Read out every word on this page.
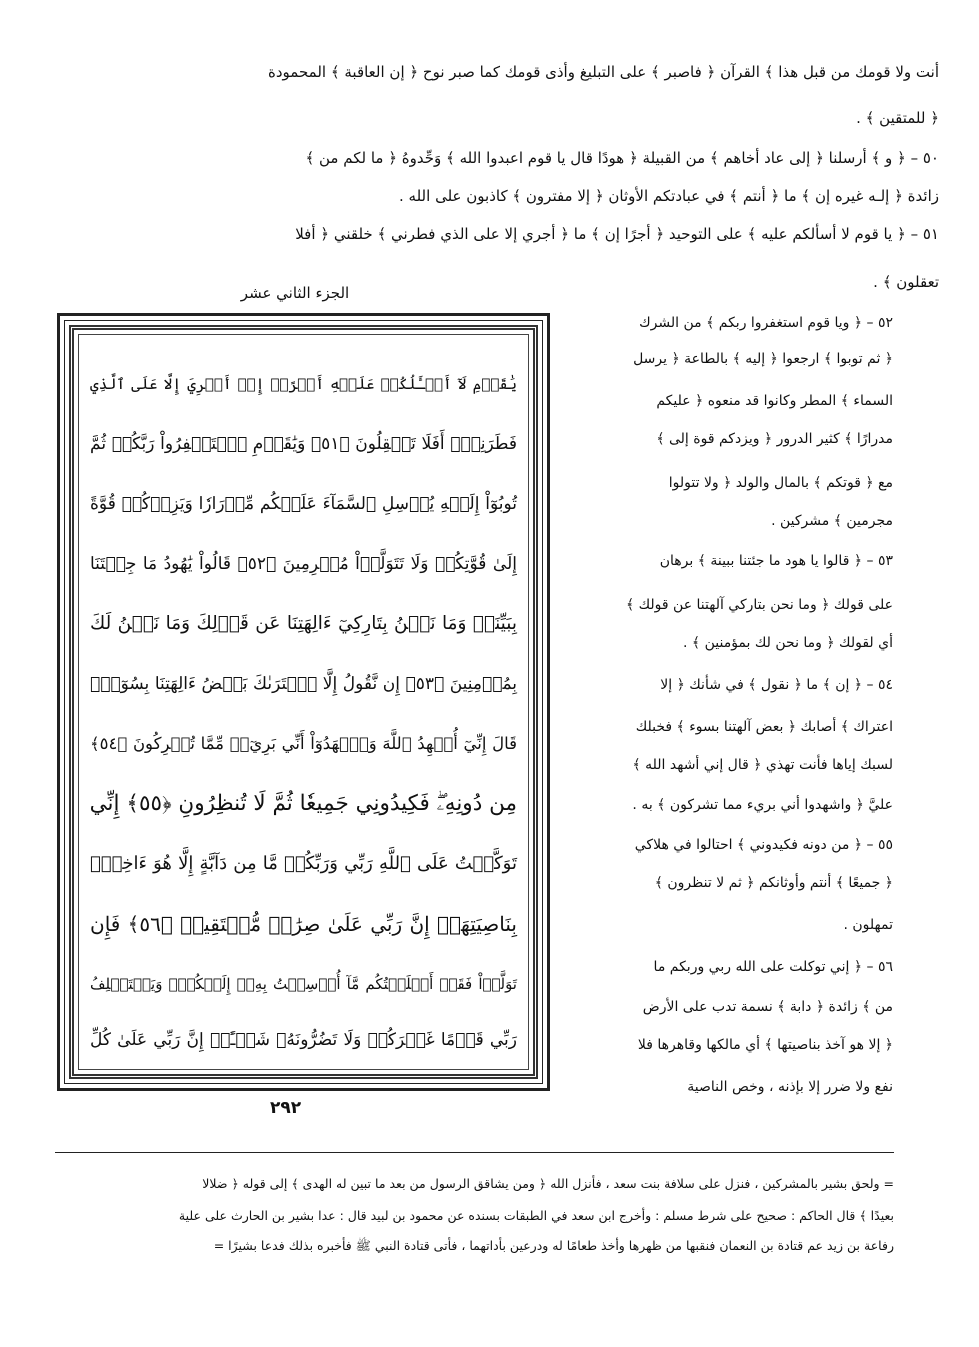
أنت ولا قومك من قبل هذا ﴾ القرآن ﴿ فاصبر ﴾ على التبليغ وأذى قومك كما صبر نوح ﴿ إن العاقبة ﴾ المحمودة
﴿ للمتقين ﴾ .
٥٠ – ﴿ و ﴾ أرسلنا ﴿ إلى عاد أخاهم ﴾ من القبيلة ﴿ هودًا قال يا قوم اعبدوا الله ﴾ وَحِّدوهُ ﴿ ما لكم من ﴾
زائدة ﴿ إلـه غيره إن ﴾ ما ﴿ أنتم ﴾ في عبادتكم الأوثان ﴿ إلا مفترون ﴾ كاذبون على الله .
٥١ – ﴿ يا قوم لا أسألكم عليه ﴾ على التوحيد ﴿ أجرًا إن ﴾ ما ﴿ أجري إلا على الذي فطرني ﴾ خلقني ﴿ أفلا
تعقلون ﴾ .
الجزء الثاني عشر
يَٰقَوۡمِ لَآ أَسۡـَٔلُكُمۡ عَلَيۡهِ أَجۡرًاۖ إِنۡ أَجۡرِيَ إِلَّا عَلَى ٱلَّذِي
فَطَرَنِيٓۚ أَفَلَا تَعۡقِلُونَ ﴿٥١﴾ وَيَٰقَوۡمِ ٱسۡتَغۡفِرُواْ رَبَّكُمۡ ثُمَّ
تُوبُوٓاْ إِلَيۡهِ يُرۡسِلِ ٱلسَّمَآءَ عَلَيۡكُم مِّدۡرَارٗا وَيَزِدۡكُمۡ قُوَّةً
إِلَىٰ قُوَّتِكُمۡ وَلَا تَتَوَلَّوۡاْ مُجۡرِمِينَ ﴿٥٢﴾ قَالُواْ يَٰهُودُ مَا جِئۡتَنَا
بِبَيِّنَةٖ وَمَا نَحۡنُ بِتَارِكِيٓ ءَالِهَتِنَا عَن قَوۡلِكَ وَمَا نَحۡنُ لَكَ
بِمُؤۡمِنِينَ ﴿٥٣﴾ إِن نَّقُولُ إِلَّا ٱعۡتَرَىٰكَ بَعۡضُ ءَالِهَتِنَا بِسُوٓءٖۗ
قَالَ إِنِّيٓ أُشۡهِدُ ٱللَّهَ وَٱشۡهَدُوٓاْ أَنِّي بَرِيٓءٞ مِّمَّا تُشۡرِكُونَ ﴿٥٤﴾
مِن دُونِهِۦۖ فَكِيدُونِي جَمِيعٗا ثُمَّ لَا تُنظِرُونِ ﴿٥٥﴾ إِنِّي
تَوَكَّلۡتُ عَلَى ٱللَّهِ رَبِّي وَرَبِّكُمۚ مَّا مِن دَآبَّةٍ إِلَّا هُوَ ءَاخِذُۢ
بِنَاصِيَتِهَآۚ إِنَّ رَبِّي عَلَىٰ صِرَٰطٖ مُّسۡتَقِيمٖ ﴿٥٦﴾ فَإِن
تَوَلَّوۡاْ فَقَدۡ أَبۡلَغۡتُكُم مَّآ أُرۡسِلۡتُ بِهِۦٓ إِلَيۡكُمۡۚ وَيَسۡتَخۡلِفُ
رَبِّي قَوۡمًا غَيۡرَكُمۡ وَلَا تَضُرُّونَهُۥ شَيۡـًٔاۚ إِنَّ رَبِّي عَلَىٰ كُلِّ
٢٩٢
٥٢ – ﴿ ويا قوم استغفروا ربكم ﴾ من الشرك
﴿ ثم توبوا ﴾ ارجعوا ﴿ إليه ﴾ بالطاعة ﴿ يرسل
السماء ﴾ المطر وكانوا قد منعوه ﴿ عليكم
مدرارًا ﴾ كثير الدرور ﴿ ويزدكم قوة إلى ﴾
مع ﴿ قوتكم ﴾ بالمال والولد ﴿ ولا تتولوا
مجرمين ﴾ مشركين .
٥٣ – ﴿ قالوا يا هود ما جئتنا ببينة ﴾ برهان
على قولك ﴿ وما نحن بتاركي آلهتنا عن قولك ﴾
أي لقولك ﴿ وما نحن لك بمؤمنين ﴾ .
٥٤ – ﴿ إن ﴾ ما ﴿ نقول ﴾ في شأنك ﴿ إلا
اعتراك ﴾ أصابك ﴿ بعض آلهتنا بسوء ﴾ فخبلك
لسبك إياها فأنت تهذي ﴿ قال إني أشهد الله ﴾
عليَّ ﴿ واشهدوا أني بريء مما تشركون ﴾ به .
٥٥ – ﴿ من دونه فكيدوني ﴾ احتالوا في هلاكي
﴿ جميعًا ﴾ أنتم وأوثانكم ﴿ ثم لا تنظرون ﴾
تمهلون .
٥٦ – ﴿ إني توكلت على الله ربي وربكم ما
من ﴾ زائدة ﴿ دابة ﴾ نسمة تدب على الأرض
﴿ إلا هو آخذ بناصيتها ﴾ أي مالكها وقاهرها فلا
نفع ولا ضرر إلا بإذنه ، وخص الناصية
= ولحق بشير بالمشركين ، فنزل على سلافة بنت سعد ، فأنزل الله ﴿ ومن يشاقق الرسول من بعد ما تبين له الهدى ﴾ إلى قوله ﴿ ضلالا
بعيدًا ﴾ قال الحاكم : صحيح على شرط مسلم : وأخرج ابن سعد في الطبقات بسنده عن محمود بن لبيد قال : عدا بشير بن الحارث على علية
رفاعة بن زيد عم قتادة بن النعمان فنقبها من ظهرها وأخذ طعامًا له ودرعين بأداتهما ، فأتى قتادة النبي ﷺ فأخبره بذلك فدعا بشيرًا =
